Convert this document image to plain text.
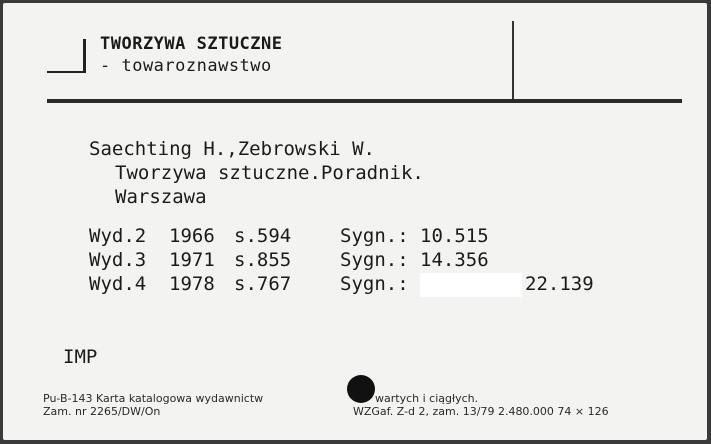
TWORZYWA SZTUCZNE
- towaroznawstwo
Saechting H.,Zebrowski W.
Tworzywa sztuczne.Poradnik.
Warszawa
Wyd.2 1966 s.594	Sygn.: 10.515
Wyd.3 1971 s.855	Sygn.: 14.356
Wyd.4 1978 s.767	Sygn.:	22.139
IMP
Pu-B-143 Karta katalogowa wydawnictw	wartych i ciągłych.
Zam. nr 2265/DW/On	WZGaf. Z-d 2, zam. 13/79 2.480.000 74 × 126
